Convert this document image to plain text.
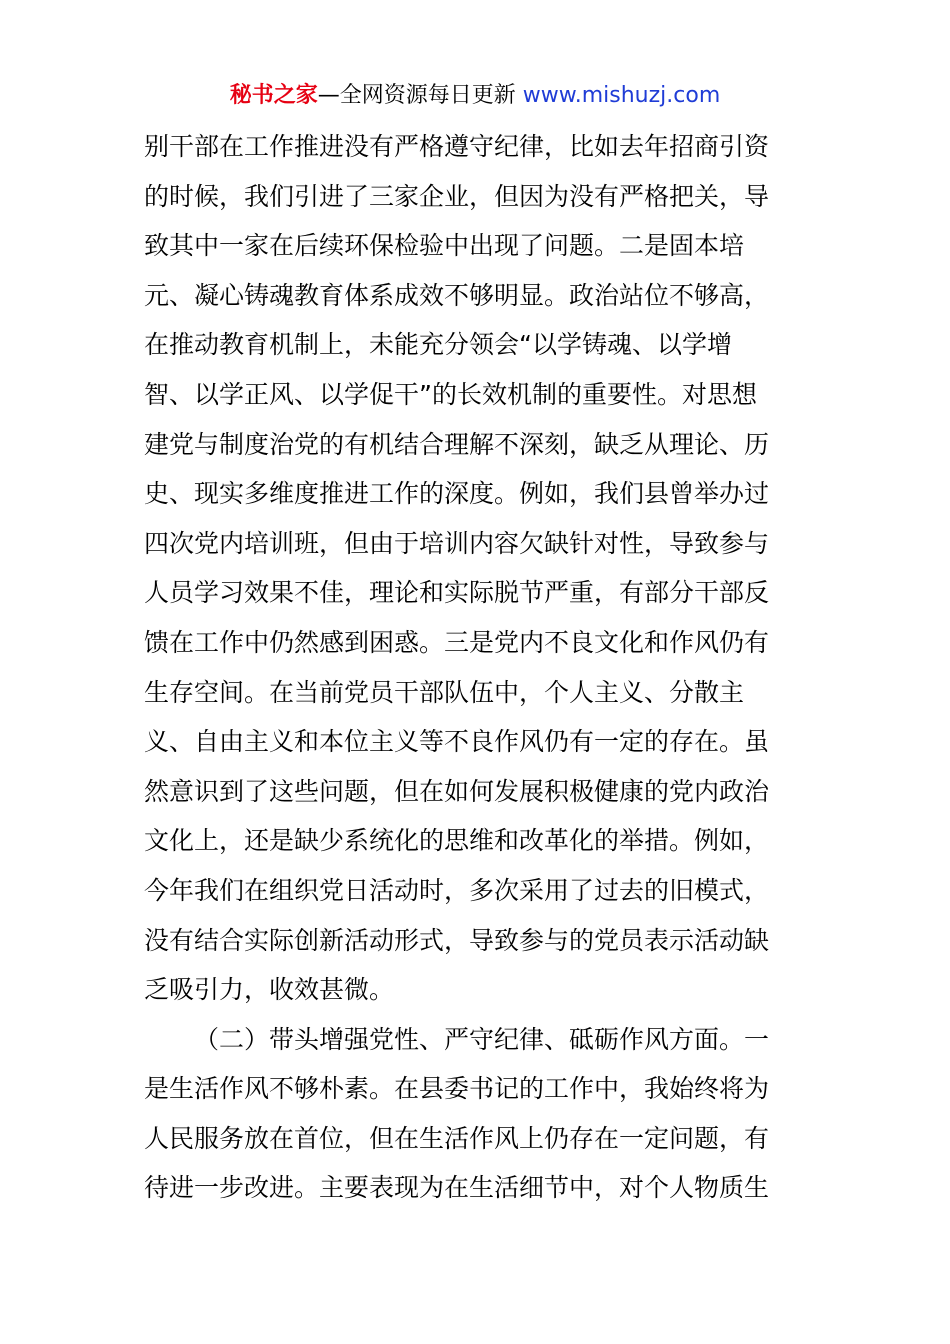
秘书之家—全网资源每日更新 www.mishuzj.com
别干部在工作推进没有严格遵守纪律，比如去年招商引资
的时候，我们引进了三家企业，但因为没有严格把关，导
致其中一家在后续环保检验中出现了问题。二是固本培
元、凝心铸魂教育体系成效不够明显。政治站位不够高，
在推动教育机制上，未能充分领会“以学铸魂、以学增
智、以学正风、以学促干”的长效机制的重要性。对思想
建党与制度治党的有机结合理解不深刻，缺乏从理论、历
史、现实多维度推进工作的深度。例如，我们县曾举办过
四次党内培训班，但由于培训内容欠缺针对性，导致参与
人员学习效果不佳，理论和实际脱节严重，有部分干部反
馈在工作中仍然感到困惑。三是党内不良文化和作风仍有
生存空间。在当前党员干部队伍中，个人主义、分散主
义、自由主义和本位主义等不良作风仍有一定的存在。虽
然意识到了这些问题，但在如何发展积极健康的党内政治
文化上，还是缺少系统化的思维和改革化的举措。例如，
今年我们在组织党日活动时，多次采用了过去的旧模式，
没有结合实际创新活动形式，导致参与的党员表示活动缺
乏吸引力，收效甚微。
（二）带头增强党性、严守纪律、砥砺作风方面。一
是生活作风不够朴素。在县委书记的工作中，我始终将为
人民服务放在首位，但在生活作风上仍存在一定问题，有
待进一步改进。主要表现为在生活细节中，对个人物质生
